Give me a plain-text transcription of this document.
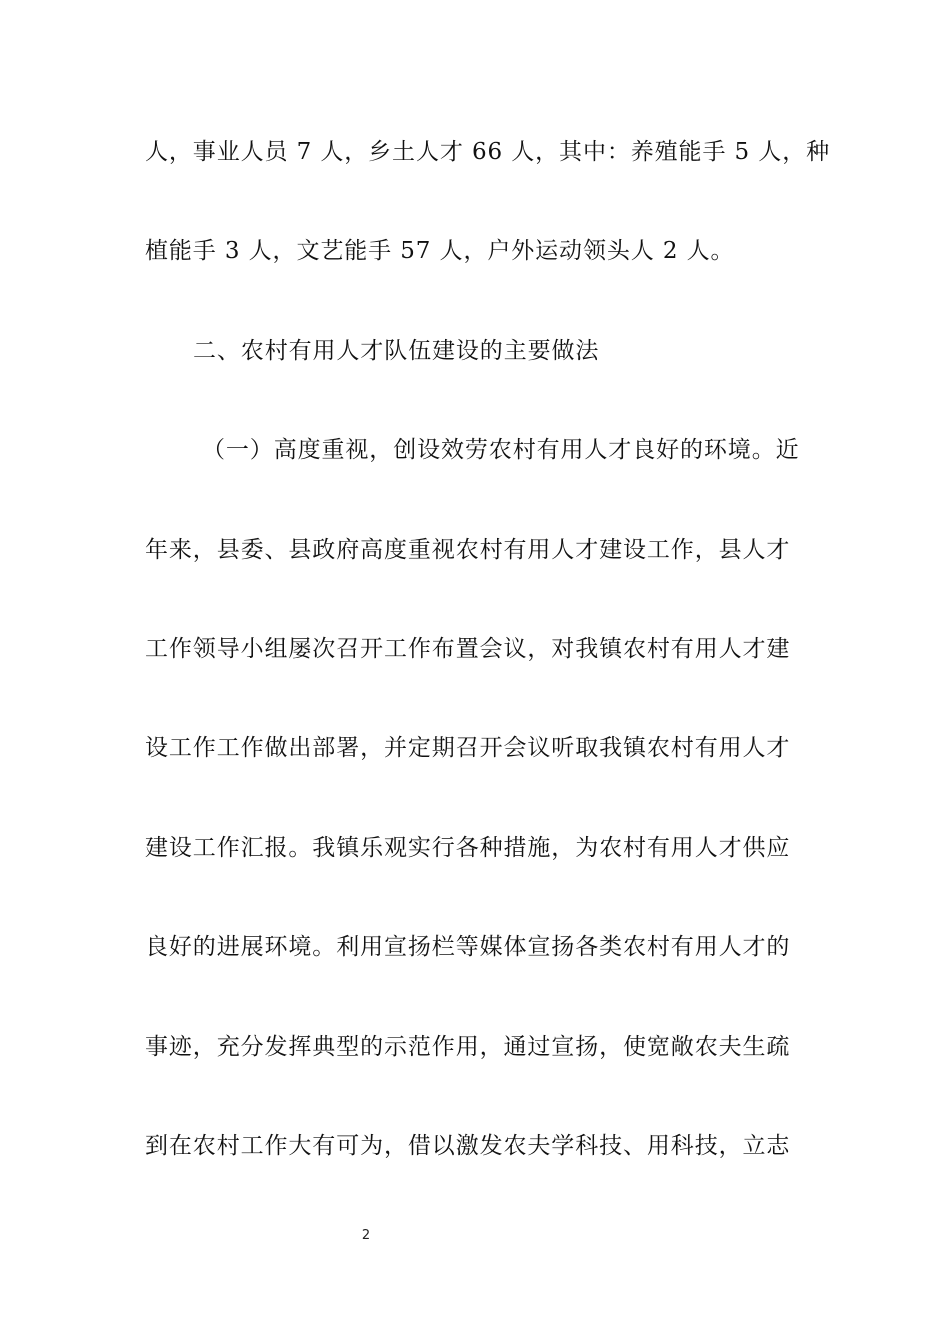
人，事业人员 7 人，乡土人才 66 人，其中：养殖能手 5 人，种
植能手 3 人，文艺能手 57 人，户外运动领头人 2 人。
二、农村有用人才队伍建设的主要做法
（一）高度重视，创设效劳农村有用人才良好的环境。近
年来，县委、县政府高度重视农村有用人才建设工作，县人才
工作领导小组屡次召开工作布置会议，对我镇农村有用人才建
设工作工作做出部署，并定期召开会议听取我镇农村有用人才
建设工作汇报。我镇乐观实行各种措施，为农村有用人才供应
良好的进展环境。利用宣扬栏等媒体宣扬各类农村有用人才的
事迹，充分发挥典型的示范作用，通过宣扬，使宽敞农夫生疏
到在农村工作大有可为，借以激发农夫学科技、用科技，立志
2
